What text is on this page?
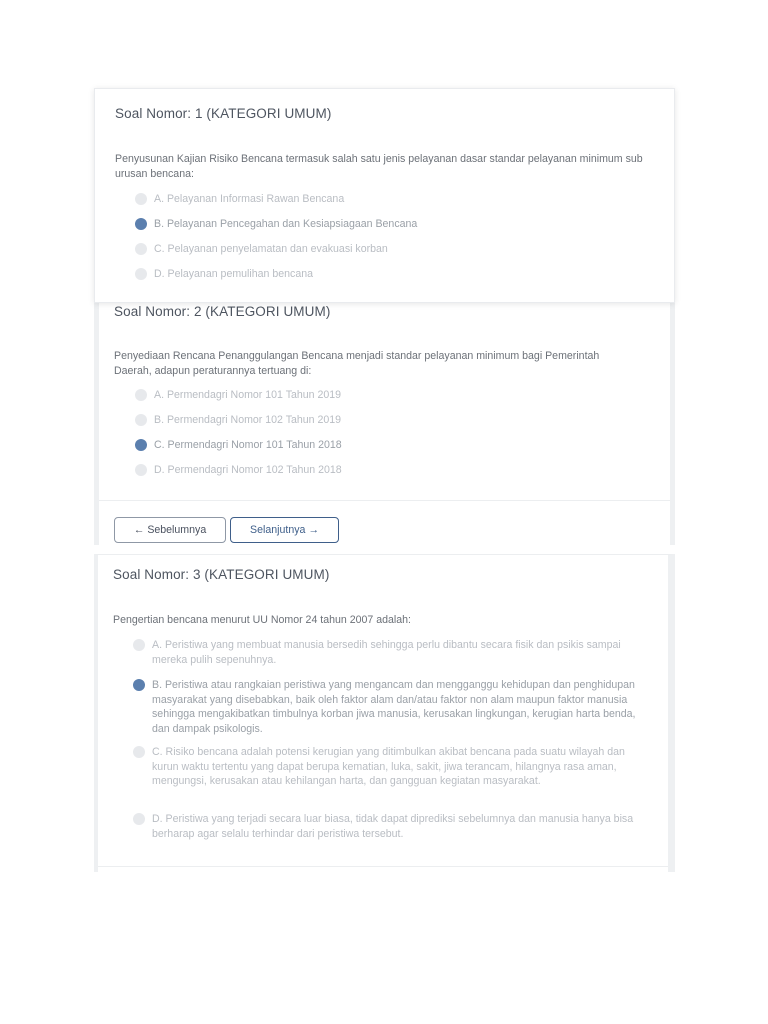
Soal Nomor: 1 (KATEGORI UMUM)
Penyusunan Kajian Risiko Bencana termasuk salah satu jenis pelayanan dasar standar pelayanan minimum sub urusan bencana:
A. Pelayanan Informasi Rawan Bencana
B. Pelayanan Pencegahan dan Kesiapsiagaan Bencana
C. Pelayanan penyelamatan dan evakuasi korban
D. Pelayanan pemulihan bencana
Soal Nomor: 2 (KATEGORI UMUM)
Penyediaan Rencana Penanggulangan Bencana menjadi standar pelayanan minimum bagi Pemerintah Daerah, adapun peraturannya tertuang di:
A. Permendagri Nomor 101 Tahun 2019
B. Permendagri Nomor 102 Tahun 2019
C. Permendagri Nomor 101 Tahun 2018
D. Permendagri Nomor 102 Tahun 2018
← Sebelumnya	Selanjutnya →
Soal Nomor: 3 (KATEGORI UMUM)
Pengertian bencana menurut UU Nomor 24 tahun 2007 adalah:
A. Peristiwa yang membuat manusia bersedih sehingga perlu dibantu secara fisik dan psikis sampai mereka pulih sepenuhnya.
B. Peristiwa atau rangkaian peristiwa yang mengancam dan mengganggu kehidupan dan penghidupan masyarakat yang disebabkan, baik oleh faktor alam dan/atau faktor non alam maupun faktor manusia sehingga mengakibatkan timbulnya korban jiwa manusia, kerusakan lingkungan, kerugian harta benda, dan dampak psikologis.
C. Risiko bencana adalah potensi kerugian yang ditimbulkan akibat bencana pada suatu wilayah dan kurun waktu tertentu yang dapat berupa kematian, luka, sakit, jiwa terancam, hilangnya rasa aman, mengungsi, kerusakan atau kehilangan harta, dan gangguan kegiatan masyarakat.
D. Peristiwa yang terjadi secara luar biasa, tidak dapat diprediksi sebelumnya dan manusia hanya bisa berharap agar selalu terhindar dari peristiwa tersebut.
